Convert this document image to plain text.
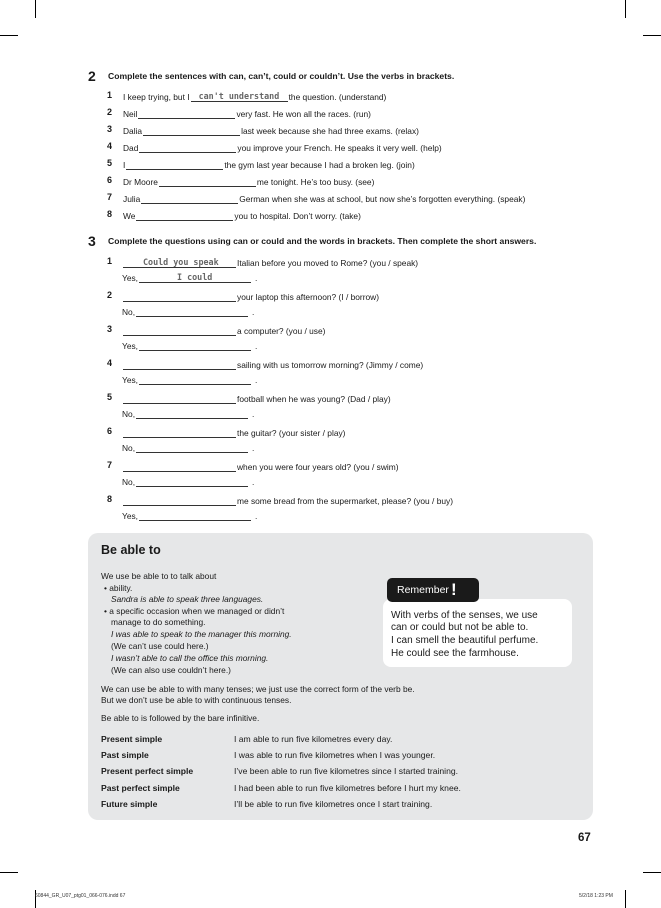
2 Complete the sentences with can, can’t, could or couldn’t. Use the verbs in brackets.
1 I keep trying, but I can't understand the question. (understand)
2 Neil	very fast. He won all the races. (run)
3 Dalia	last week because she had three exams. (relax)
4 Dad	you improve your French. He speaks it very well. (help)
5 I	the gym last year because I had a broken leg. (join)
6 Dr Moore	me tonight. He’s too busy. (see)
7 Julia	German when she was at school, but now she’s forgotten everything. (speak)
8 We	you to hospital. Don’t worry. (take)
3 Complete the questions using can or could and the words in brackets. Then complete the short answers.
1	Could you speak Italian before you moved to Rome? (you / speak)
Yes,	I could	.
2	your laptop this afternoon? (I / borrow)
No,	.
3	a computer? (you / use)
Yes,	.
4	sailing with us tomorrow morning? (Jimmy / come)
Yes,	.
5	football when he was young? (Dad / play)
No,	.
6	the guitar? (your sister / play)
No,	.
7	when you were four years old? (you / swim)
No,	.
8	me some bread from the supermarket, please? (you / buy)
Yes,	.
Be able to
We use be able to to talk about
• ability.
Sandra is able to speak three languages.
• a specific occasion when we managed or didn’t
manage to do something.
I was able to speak to the manager this morning.
(We can’t use could here.)
I wasn’t able to call the office this morning.
(We can also use couldn’t here.)
We can use be able to with many tenses; we just use the correct form of the verb be.
But we don’t use be able to with continuous tenses.
Be able to is followed by the bare infinitive.
Present simple	I am able to run five kilometres every day.
Past simple	I was able to run five kilometres when I was younger.
Present perfect simple	I’ve been able to run five kilometres since I started training.
Past perfect simple	I had been able to run five kilometres before I hurt my knee.
Future simple	I’ll be able to run five kilometres once I start training.
Remember !
With verbs of the senses, we use
can or could but not be able to.
I can smell the beautiful perfume.
He could see the farmhouse.
67
60844_GR_U07_ptg01_066-076.indd 67	5/2/18 1:23 PM
